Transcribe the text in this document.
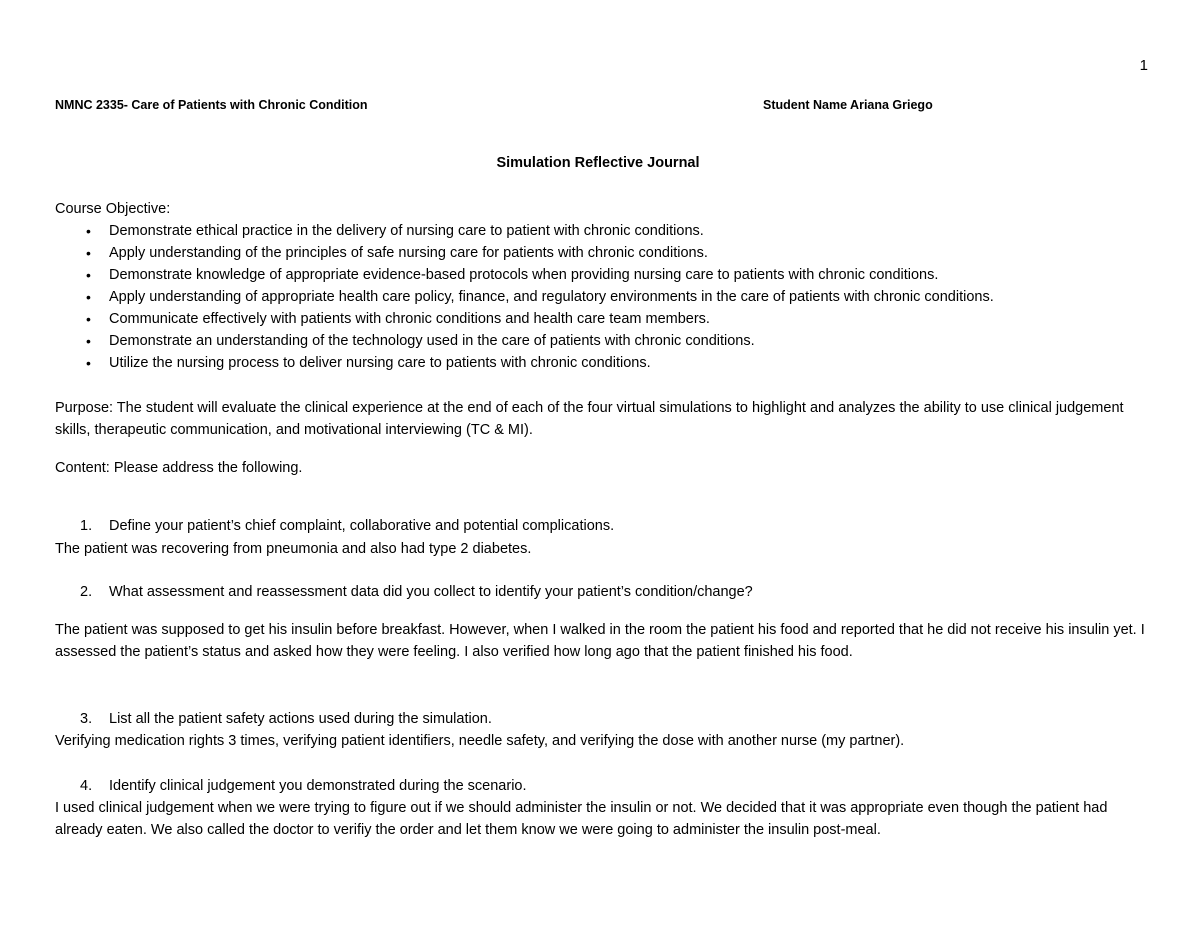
1
NMNC 2335- Care of Patients with Chronic Condition	Student Name Ariana Griego
Simulation Reflective Journal
Course Objective:
• Demonstrate ethical practice in the delivery of nursing care to patient with chronic conditions.
• Apply understanding of the principles of safe nursing care for patients with chronic conditions.
• Demonstrate knowledge of appropriate evidence-based protocols when providing nursing care to patients with chronic conditions.
• Apply understanding of appropriate health care policy, finance, and regulatory environments in the care of patients with chronic conditions.
• Communicate effectively with patients with chronic conditions and health care team members.
• Demonstrate an understanding of the technology used in the care of patients with chronic conditions.
• Utilize the nursing process to deliver nursing care to patients with chronic conditions.
Purpose: The student will evaluate the clinical experience at the end of each of the four virtual simulations to highlight and analyzes the ability to use clinical judgement skills, therapeutic communication, and motivational interviewing (TC & MI).
Content: Please address the following.
1. Define your patient’s chief complaint, collaborative and potential complications.
The patient was recovering from pneumonia and also had type 2 diabetes.
2. What assessment and reassessment data did you collect to identify your patient’s condition/change?
The patient was supposed to get his insulin before breakfast. However, when I walked in the room the patient his food and reported that he did not receive his insulin yet. I assessed the patient’s status and asked how they were feeling. I also verified how long ago that the patient finished his food.
3. List all the patient safety actions used during the simulation.
Verifying medication rights 3 times, verifying patient identifiers, needle safety, and verifying the dose with another nurse (my partner).
4. Identify clinical judgement you demonstrated during the scenario.
I used clinical judgement when we were trying to figure out if we should administer the insulin or not. We decided that it was appropriate even though the patient had already eaten. We also called the doctor to verifiy the order and let them know we were going to administer the insulin post-meal.
